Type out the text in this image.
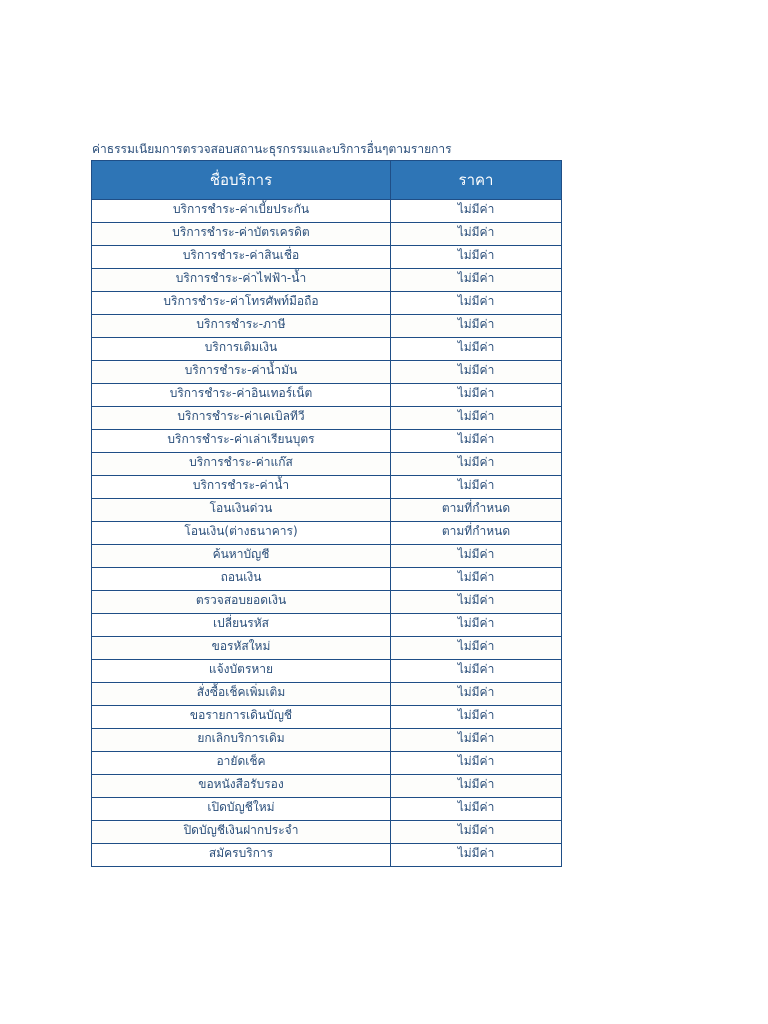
ค่าธรรมเนียมการตรวจสอบสถานะธุรกรรมและบริการอื่นๆตามรายการ
ชื่อบริการ	ราคา

บริการชำระ-ค่าเบี้ยประกัน	ไม่มีค่า

บริการชำระ-ค่าบัตรเครดิต	ไม่มีค่า

บริการชำระ-ค่าสินเชื่อ	ไม่มีค่า

บริการชำระ-ค่าไฟฟ้า-น้ำ	ไม่มีค่า

บริการชำระ-ค่าโทรศัพท์มือถือ	ไม่มีค่า

บริการชำระ-ภาษี	ไม่มีค่า

บริการเติมเงิน	ไม่มีค่า

บริการชำระ-ค่าน้ำมัน	ไม่มีค่า

บริการชำระ-ค่าอินเทอร์เน็ต	ไม่มีค่า

บริการชำระ-ค่าเคเบิลทีวี	ไม่มีค่า

บริการชำระ-ค่าเล่าเรียนบุตร	ไม่มีค่า

บริการชำระ-ค่าแก๊ส	ไม่มีค่า

บริการชำระ-ค่าน้ำ	ไม่มีค่า

โอนเงินด่วน	ตามที่กำหนด

โอนเงิน(ต่างธนาคาร)	ตามที่กำหนด

ค้นหาบัญชี	ไม่มีค่า

ถอนเงิน	ไม่มีค่า

ตรวจสอบยอดเงิน	ไม่มีค่า

เปลี่ยนรหัส	ไม่มีค่า

ขอรหัสใหม่	ไม่มีค่า

แจ้งบัตรหาย	ไม่มีค่า

สั่งซื้อเช็คเพิ่มเติม	ไม่มีค่า

ขอรายการเดินบัญชี	ไม่มีค่า

ยกเลิกบริการเดิม	ไม่มีค่า

อายัดเช็ค	ไม่มีค่า

ขอหนังสือรับรอง	ไม่มีค่า

เปิดบัญชีใหม่	ไม่มีค่า

ปิดบัญชีเงินฝากประจำ	ไม่มีค่า

สมัครบริการ	ไม่มีค่า
